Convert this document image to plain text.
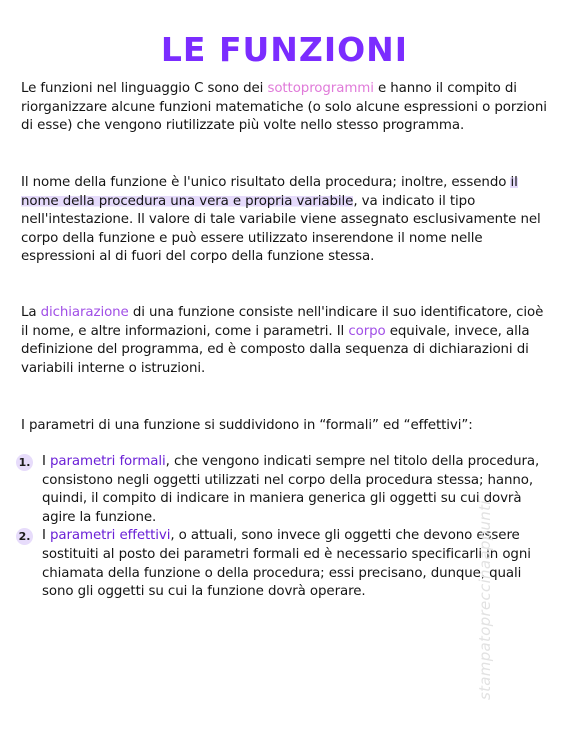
LE FUNZIONI
Le funzioni nel linguaggio C sono dei sottoprogrammi e hanno il compito di riorganizzare alcune funzioni matematiche (o solo alcune espressioni o porzioni di esse) che vengono riutilizzate più volte nello stesso programma.
Il nome della funzione è l'unico risultato della procedura; inoltre, essendo il nome della procedura una vera e propria variabile, va indicato il tipo nell'intestazione. Il valore di tale variabile viene assegnato esclusivamente nel corpo della funzione e può essere utilizzato inserendone il nome nelle espressioni al di fuori del corpo della funzione stessa.
La dichiarazione di una funzione consiste nell'indicare il suo identificatore, cioè il nome, e altre informazioni, come i parametri. Il corpo equivale, invece, alla definizione del programma, ed è composto dalla sequenza di dichiarazioni di variabili interne o istruzioni.
I parametri di una funzione si suddividono in “formali” ed “effettivi”:
1. I parametri formali, che vengono indicati sempre nel titolo della procedura, consistono negli oggetti utilizzati nel corpo della procedura stessa; hanno, quindi, il compito di indicare in maniera generica gli oggetti su cui dovrà agire la funzione.
2. I parametri effettivi, o attuali, sono invece gli oggetti che devono essere sostituiti al posto dei parametri formali ed è necessario specificarli in ogni chiamata della funzione o della procedura; essi precisano, dunque, quali sono gli oggetti su cui la funzione dovrà operare.	stampatopreccinaappunti
